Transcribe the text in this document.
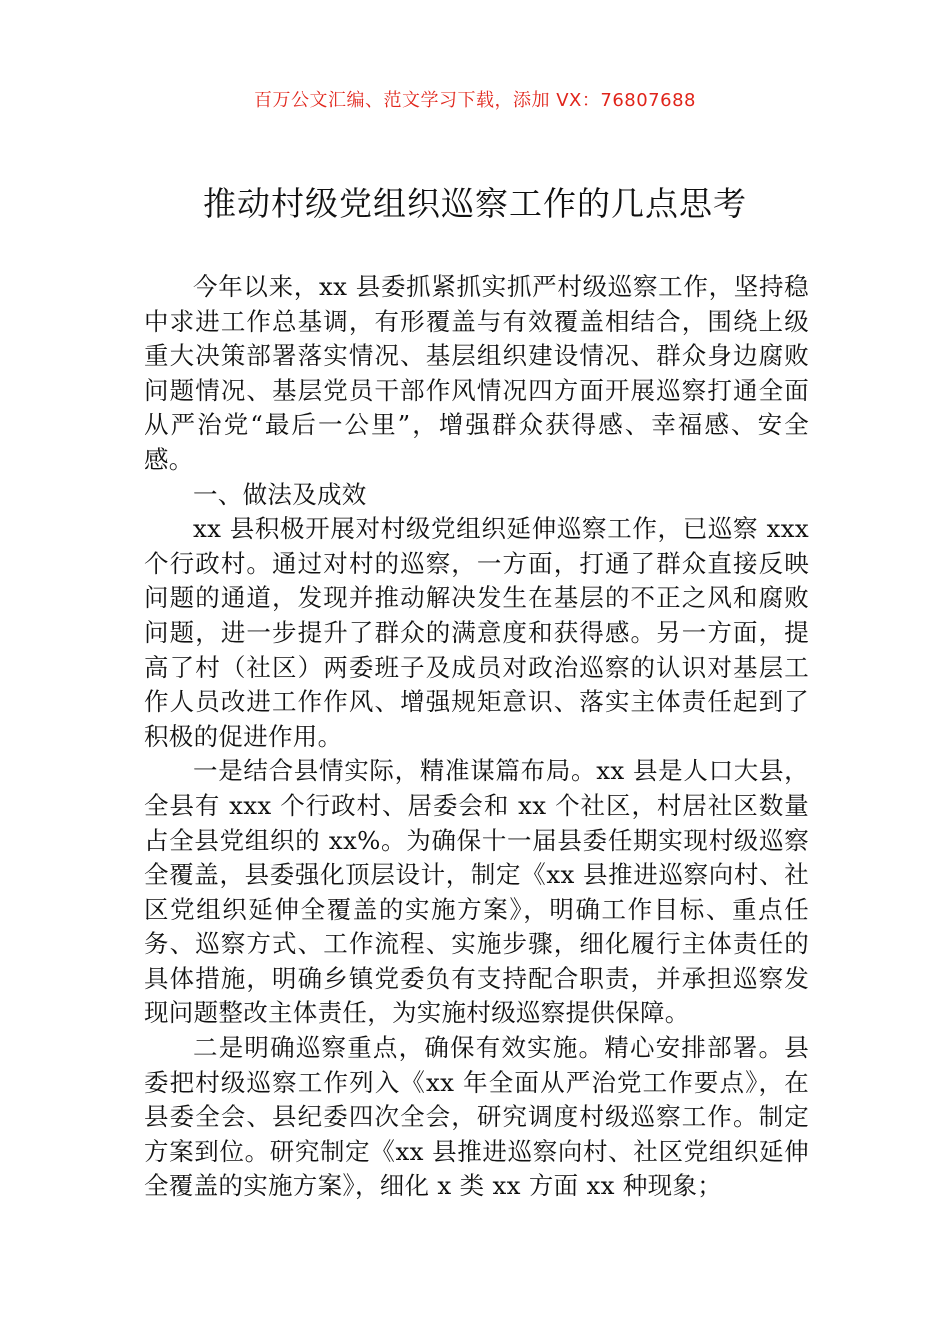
百万公文汇编、范文学习下载，添加 VX：76807688
推动村级党组织巡察工作的几点思考

今年以来，xx 县委抓紧抓实抓严村级巡察工作，坚持稳中求进工作总基调，有形覆盖与有效覆盖相结合，围绕上级重大决策部署落实情况、基层组织建设情况、群众身边腐败问题情况、基层党员干部作风情况四方面开展巡察打通全面从严治党“最后一公里”，增强群众获得感、幸福感、安全感。

一、做法及成效

xx 县积极开展对村级党组织延伸巡察工作，已巡察 xxx 个行政村。通过对村的巡察，一方面，打通了群众直接反映问题的通道，发现并推动解决发生在基层的不正之风和腐败问题，进一步提升了群众的满意度和获得感。另一方面，提高了村（社区）两委班子及成员对政治巡察的认识对基层工作人员改进工作作风、增强规矩意识、落实主体责任起到了积极的促进作用。

一是结合县情实际，精准谋篇布局。xx 县是人口大县，全县有 xxx 个行政村、居委会和 xx 个社区，村居社区数量占全县党组织的 xx%。为确保十一届县委任期实现村级巡察全覆盖，县委强化顶层设计，制定《xx 县推进巡察向村、社区党组织延伸全覆盖的实施方案》，明确工作目标、重点任务、巡察方式、工作流程、实施步骤，细化履行主体责任的具体措施，明确乡镇党委负有支持配合职责，并承担巡察发现问题整改主体责任，为实施村级巡察提供保障。

二是明确巡察重点，确保有效实施。精心安排部署。县委把村级巡察工作列入《xx 年全面从严治党工作要点》，在县委全会、县纪委四次全会，研究调度村级巡察工作。制定方案到位。研究制定《xx 县推进巡察向村、社区党组织延伸全覆盖的实施方案》，细化 x 类 xx 方面 xx 种现象；
